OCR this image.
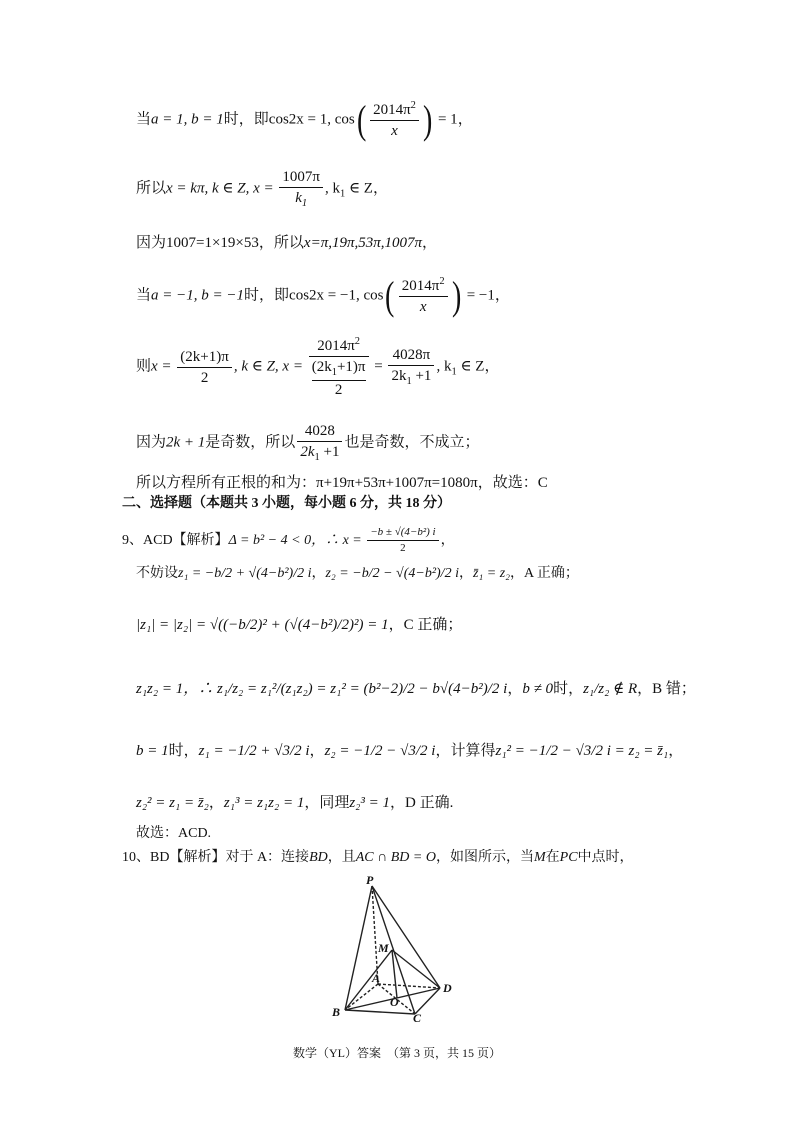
当a = 1, b = 1时，即cos2x = 1, $\cos( \frac{2014\pi^2}{x}$ ) = 1，
所以x = kπ, k ∈ Z, $x = \frac{1007\pi}{k_1}$ , $k_1$ ∈ Z，
因为1007=1×19×53，所以x=π,19π,53π,1007π，
当a = −1, b = −1时，即cos2x = −1, $\cos( \frac{2014\pi^2}{x}$ ) = −1，
则$x = \frac{(2k+1)\pi}{2}$ , k ∈ Z, $x = 2014\pi^2$
$(2k_1+1)\pi$
$2 = \frac{4028\pi}{2k_1 +1}$ , $k_1$ ∈ Z，
因为2k + 1是奇数，所以 $\frac{4028}{2k_1 +1}$ 也是奇数，不成立；
所以方程所有正根的和为：π+19π+53π+1007π=1080π，故选：C
二、选择题（本题共 3 小题，每小题 6 分，共 18 分）
9、ACD【解析】Δ = b² − 4 < 0，∴ $x = \frac{\text{−b ± √(4−b²) i}}{2}$ ，
不妨设z₁ = −b/2 + √(4−b²)/2 i，z₂ = −b/2 − √(4−b²)/2 i，z̄₁ = z₂，A 正确；
|z₁| = |z₂| = √((−b/2)² + (√(4−b²)/2)²) = 1，C 正确；
z₁z₂ = 1，∴ z₁/z₂ = z₁²/(z₁z₂) = z₁² = (b²−2)/2 − b√(4−b²)/2 i，b ≠ 0时，z₁/z₂ ∉ R，B 错；
b = 1时，z₁ = −1/2 + √3/2 i，z₂ = −1/2 − √3/2 i，计算得z₁² = −1/2 − √3/2 i = z₂ = z̄₁，
z₂² = z₁ = z̄₂，z₁³ = z₁z₂ = 1，同理z₂³ = 1，D 正确.
故选：ACD.
10、BD【解析】对于 A：连接BD，且AC ∩ BD = O，如图所示，当M在PC中点时，
P
M
A
O
D
B	C
数学（YL）答案　（第 3 页，共 15 页）
